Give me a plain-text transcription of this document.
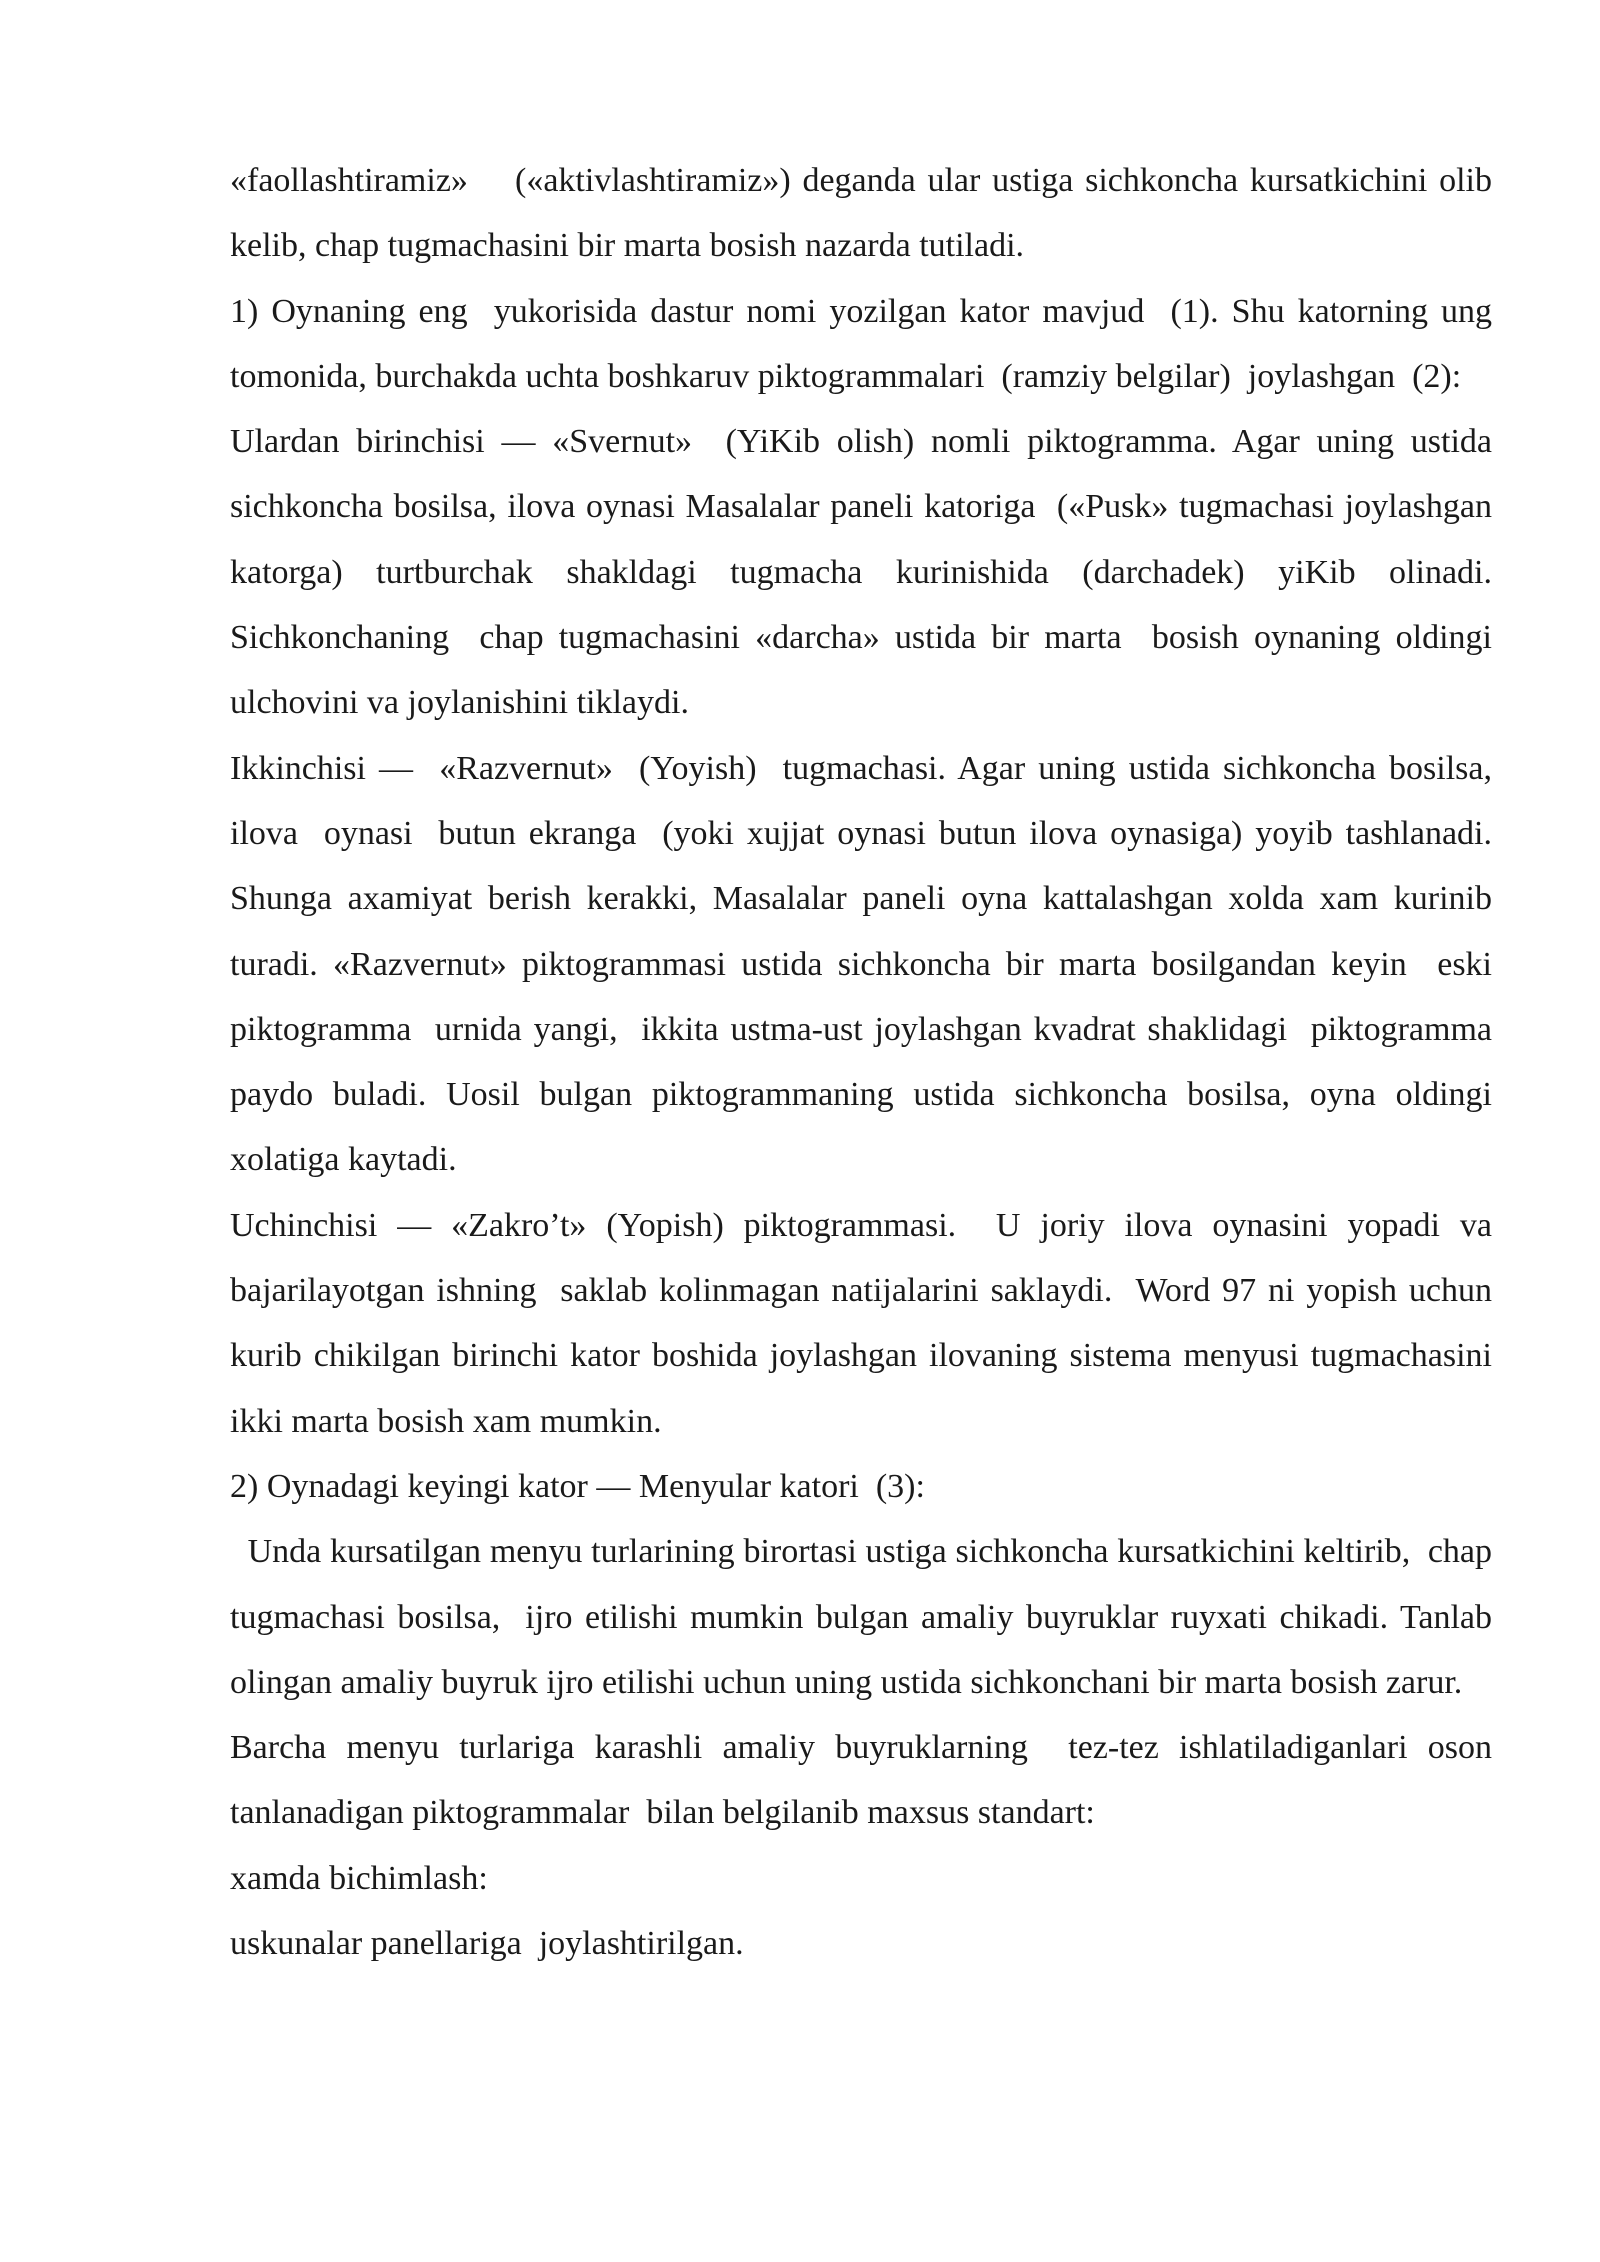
«faollashtiramiz»    («aktivlashtiramiz») deganda ular ustiga sichkoncha kursatkichini olib kelib, chap tugmachasini bir marta bosish nazarda tutiladi.

1) Oynaning eng  yukorisida dastur nomi yozilgan kator mavjud  (1). Shu katorning ung tomonida, burchakda uchta boshkaruv piktogrammalari  (ramziy belgilar)  joylashgan  (2):

Ulardan birinchisi — «Svernut»  (YiKib olish) nomli piktogramma. Agar uning ustida sichkoncha bosilsa, ilova oynasi Masalalar paneli katoriga  («Pusk» tugmachasi joylashgan katorga) turtburchak shakldagi tugmacha kurinishida (darchadek) yiKib olinadi. Sichkonchaning  chap tugmachasini «darcha» ustida bir marta  bosish oynaning oldingi ulchovini va joylanishini tiklaydi.

Ikkinchisi —  «Razvernut»  (Yoyish)  tugmachasi. Agar uning ustida sichkoncha bosilsa, ilova  oynasi  butun ekranga  (yoki xujjat oynasi butun ilova oynasiga) yoyib tashlanadi. Shunga axamiyat berish kerakki, Masalalar paneli oyna kattalashgan xolda xam kurinib turadi. «Razvernut» piktogrammasi ustida sichkoncha bir marta bosilgandan keyin  eski piktogramma  urnida yangi,  ikkita ustma-ust joylashgan kvadrat shaklidagi  piktogramma paydo buladi. Uosil bulgan piktogrammaning ustida sichkoncha bosilsa, oyna oldingi xolatiga kaytadi.

Uchinchisi — «Zakro’t» (Yopish) piktogrammasi.  U joriy ilova oynasini yopadi va  bajarilayotgan ishning  saklab kolinmagan natijalarini saklaydi.  Word 97 ni yopish uchun kurib chikilgan birinchi kator boshida joylashgan ilovaning sistema menyusi tugmachasini ikki marta bosish xam mumkin.

2) Oynadagi keyingi kator — Menyular katori  (3):

Unda kursatilgan menyu turlarining birortasi ustiga sichkoncha kursatkichini keltirib,  chap tugmachasi bosilsa,  ijro etilishi mumkin bulgan amaliy buyruklar ruyxati chikadi. Tanlab olingan amaliy buyruk ijro etilishi uchun uning ustida sichkonchani bir marta bosish zarur.

Barcha menyu turlariga karashli amaliy buyruklarning  tez-tez ishlatiladiganlari oson tanlanadigan piktogrammalar  bilan belgilanib maxsus standart:

xamda bichimlash:

uskunalar panellariga  joylashtirilgan.
